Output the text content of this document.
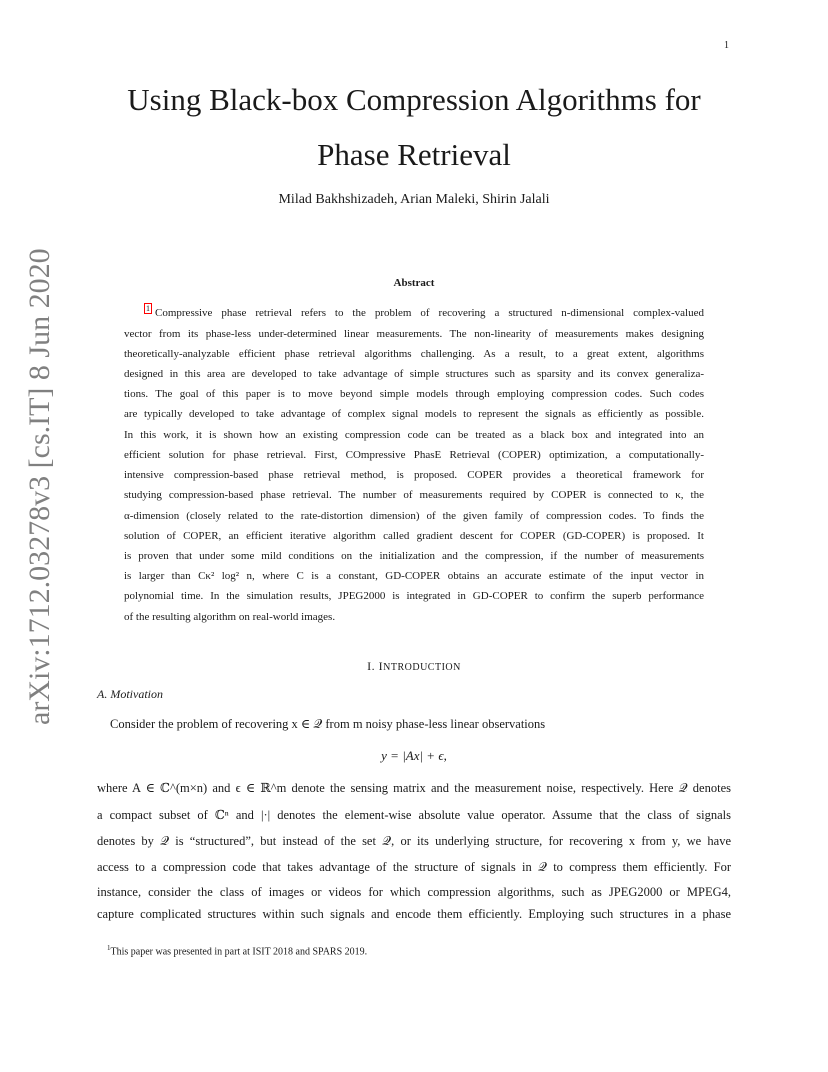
1
arXiv:1712.03278v3 [cs.IT] 8 Jun 2020
Using Black-box Compression Algorithms for
Phase Retrieval
Milad Bakhshizadeh, Arian Maleki, Shirin Jalali
Abstract
1 Compressive phase retrieval refers to the problem of recovering a structured n-dimensional complex-valued
vector from its phase-less under-determined linear measurements. The non-linearity of measurements makes designing
theoretically-analyzable efficient phase retrieval algorithms challenging. As a result, to a great extent, algorithms
designed in this area are developed to take advantage of simple structures such as sparsity and its convex generaliza-
tions. The goal of this paper is to move beyond simple models through employing compression codes. Such codes
are typically developed to take advantage of complex signal models to represent the signals as efficiently as possible.
In this work, it is shown how an existing compression code can be treated as a black box and integrated into an
efficient solution for phase retrieval. First, COmpressive PhasE Retrieval (COPER) optimization, a computationally-
intensive compression-based phase retrieval method, is proposed. COPER provides a theoretical framework for
studying compression-based phase retrieval. The number of measurements required by COPER is connected to κ, the
α-dimension (closely related to the rate-distortion dimension) of the given family of compression codes. To finds the
solution of COPER, an efficient iterative algorithm called gradient descent for COPER (GD-COPER) is proposed. It
is proven that under some mild conditions on the initialization and the compression, if the number of measurements
is larger than Cκ² log² n, where C is a constant, GD-COPER obtains an accurate estimate of the input vector in
polynomial time. In the simulation results, JPEG2000 is integrated in GD-COPER to confirm the superb performance
of the resulting algorithm on real-world images.
I. INTRODUCTION
A. Motivation
Consider the problem of recovering x ∈ 𝒬 from m noisy phase-less linear observations
y = |Ax| + ϵ,
where A ∈ ℂ^(m×n) and ϵ ∈ ℝ^m denote the sensing matrix and the measurement noise, respectively. Here 𝒬 denotes
a compact subset of ℂⁿ and |·| denotes the element-wise absolute value operator. Assume that the class of signals
denotes by 𝒬 is “structured”, but instead of the set 𝒬, or its underlying structure, for recovering x from y, we have
access to a compression code that takes advantage of the structure of signals in 𝒬 to compress them efficiently. For
instance, consider the class of images or videos for which compression algorithms, such as JPEG2000 or MPEG4,
capture complicated structures within such signals and encode them efficiently. Employing such structures in a phase
$^1$This paper was presented in part at ISIT 2018 and SPARS 2019.
